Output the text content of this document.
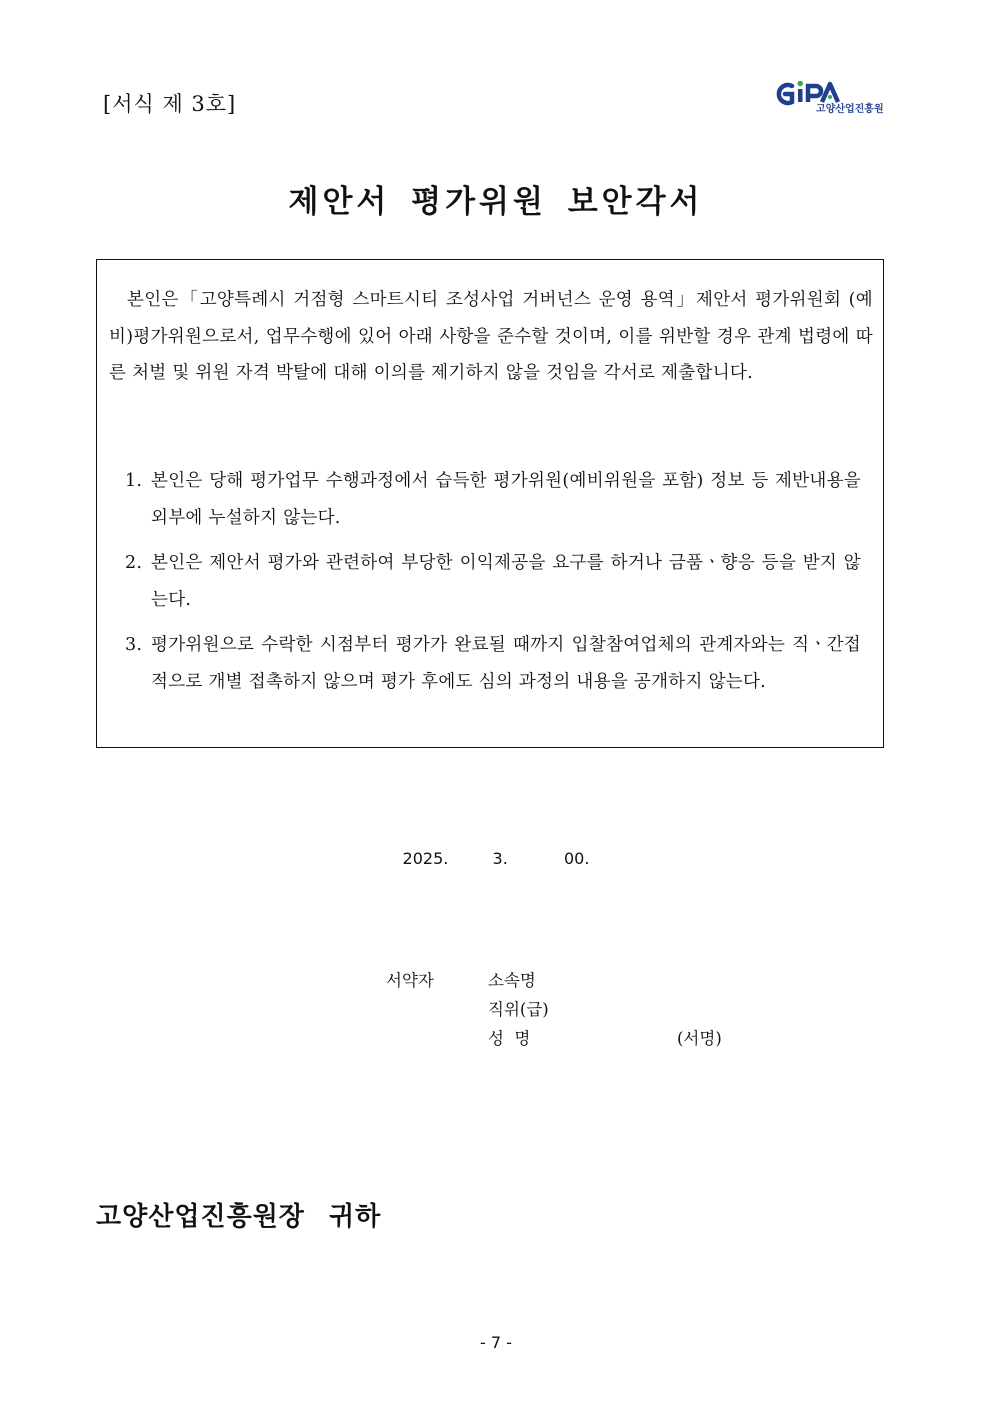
[서식 제 3호]	고양산업진흥원
제안서 평가위원 보안각서
본인은「고양특례시 거점형 스마트시티 조성사업 거버넌스 운영 용역」제안서 평가위원회 (예비)평가위원으로서, 업무수행에 있어 아래 사항을 준수할 것이며, 이를 위반할 경우 관계 법령에 따른 처벌 및 위원 자격 박탈에 대해 이의를 제기하지 않을 것임을 각서로 제출합니다.
1. 본인은 당해 평가업무 수행과정에서 습득한 평가위원(예비위원을 포함) 정보 등 제반내용을 외부에 누설하지 않는다.
2. 본인은 제안서 평가와 관련하여 부당한 이익제공을 요구를 하거나 금품ㆍ향응 등을 받지 않는다.
3. 평가위원으로 수락한 시점부터 평가가 완료될 때까지 입찰참여업체의 관계자와는 직ㆍ간접적으로 개별 접촉하지 않으며 평가 후에도 심의 과정의 내용을 공개하지 않는다.
2025.	3.	00.
서약자	소속명
직위(급)
성  명	(서명)
고양산업진흥원장 귀하
- 7 -
